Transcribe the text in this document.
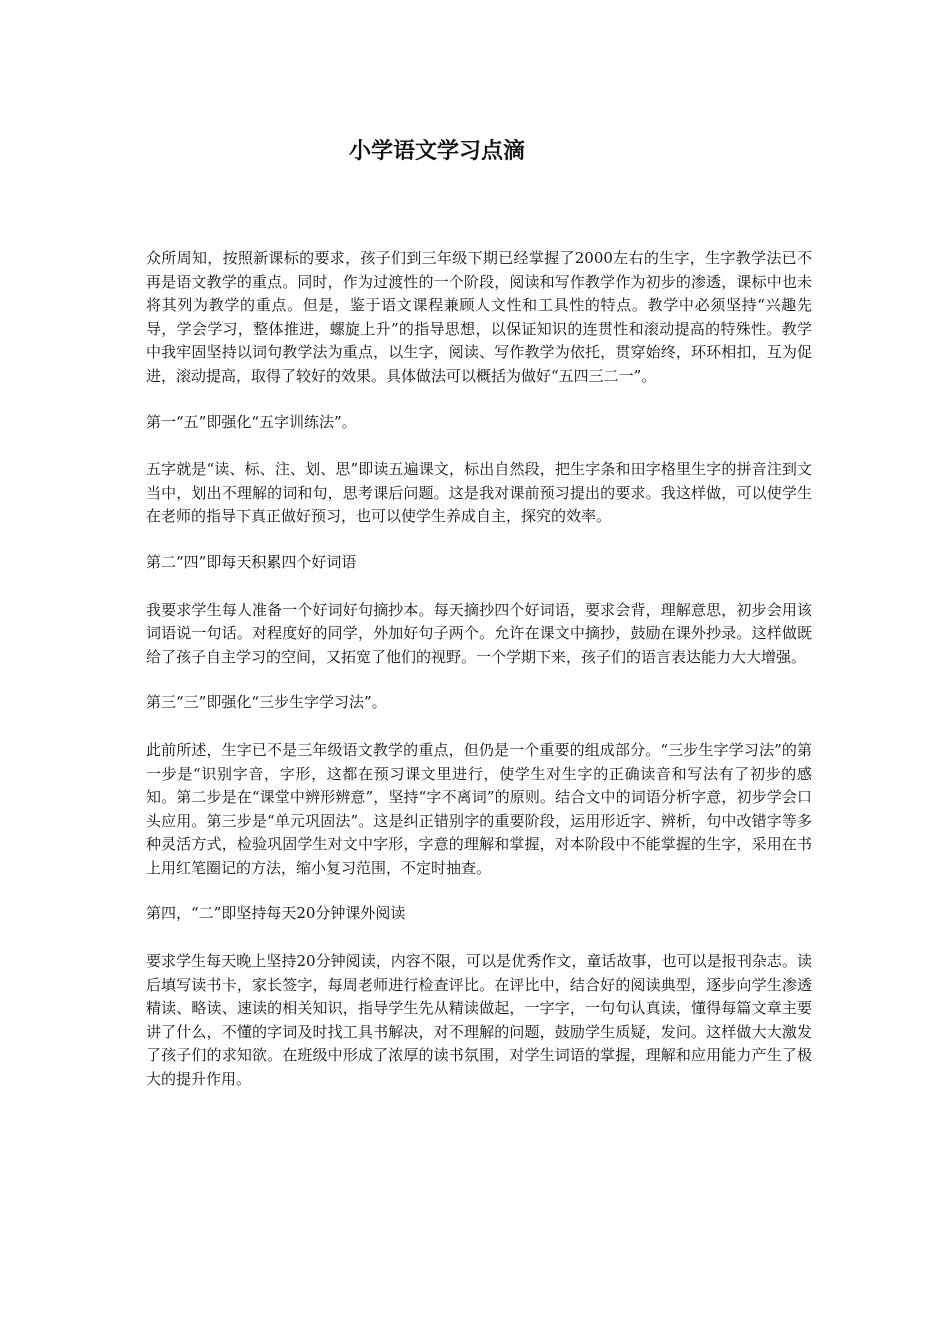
小学语文学习点滴

众所周知，按照新课标的要求，孩子们到三年级下期已经掌握了2000左右的生字，生字教学法已不再是语文教学的重点。同时，作为过渡性的一个阶段，阅读和写作教学作为初步的渗透，课标中也未将其列为教学的重点。但是，鉴于语文课程兼顾人文性和工具性的特点。教学中必须坚持“兴趣先导，学会学习，整体推进，螺旋上升”的指导思想，以保证知识的连贯性和滚动提高的特殊性。教学中我牢固坚持以词句教学法为重点，以生字，阅读、写作教学为依托，贯穿始终，环环相扣，互为促进，滚动提高，取得了较好的效果。具体做法可以概括为做好“五四三二一”。

第一“五”即强化“五字训练法”。

五字就是“读、标、注、划、思”即读五遍课文，标出自然段，把生字条和田字格里生字的拼音注到文当中，划出不理解的词和句，思考课后问题。这是我对课前预习提出的要求。我这样做，可以使学生在老师的指导下真正做好预习，也可以使学生养成自主，探究的效率。

第二“四”即每天积累四个好词语

我要求学生每人准备一个好词好句摘抄本。每天摘抄四个好词语，要求会背，理解意思，初步会用该词语说一句话。对程度好的同学，外加好句子两个。允许在课文中摘抄，鼓励在课外抄录。这样做既给了孩子自主学习的空间，又拓宽了他们的视野。一个学期下来，孩子们的语言表达能力大大增强。

第三“三”即强化“三步生字学习法”。

此前所述，生字已不是三年级语文教学的重点，但仍是一个重要的组成部分。“三步生字学习法”的第一步是“识别字音，字形，这都在预习课文里进行，使学生对生字的正确读音和写法有了初步的感知。第二步是在“课堂中辨形辨意”，坚持“字不离词”的原则。结合文中的词语分析字意，初步学会口头应用。第三步是“单元巩固法”。这是纠正错别字的重要阶段，运用形近字、辨析，句中改错字等多种灵活方式，检验巩固学生对文中字形，字意的理解和掌握，对本阶段中不能掌握的生字，采用在书上用红笔圈记的方法，缩小复习范围，不定时抽查。

第四，“二”即坚持每天20分钟课外阅读

要求学生每天晚上坚持20分钟阅读，内容不限，可以是优秀作文，童话故事，也可以是报刊杂志。读后填写读书卡，家长签字，每周老师进行检查评比。在评比中，结合好的阅读典型，逐步向学生渗透精读、略读、速读的相关知识，指导学生先从精读做起，一字字，一句句认真读，懂得每篇文章主要讲了什么，不懂的字词及时找工具书解决，对不理解的问题，鼓励学生质疑，发问。这样做大大激发了孩子们的求知欲。在班级中形成了浓厚的读书氛围，对学生词语的掌握，理解和应用能力产生了极大的提升作用。
